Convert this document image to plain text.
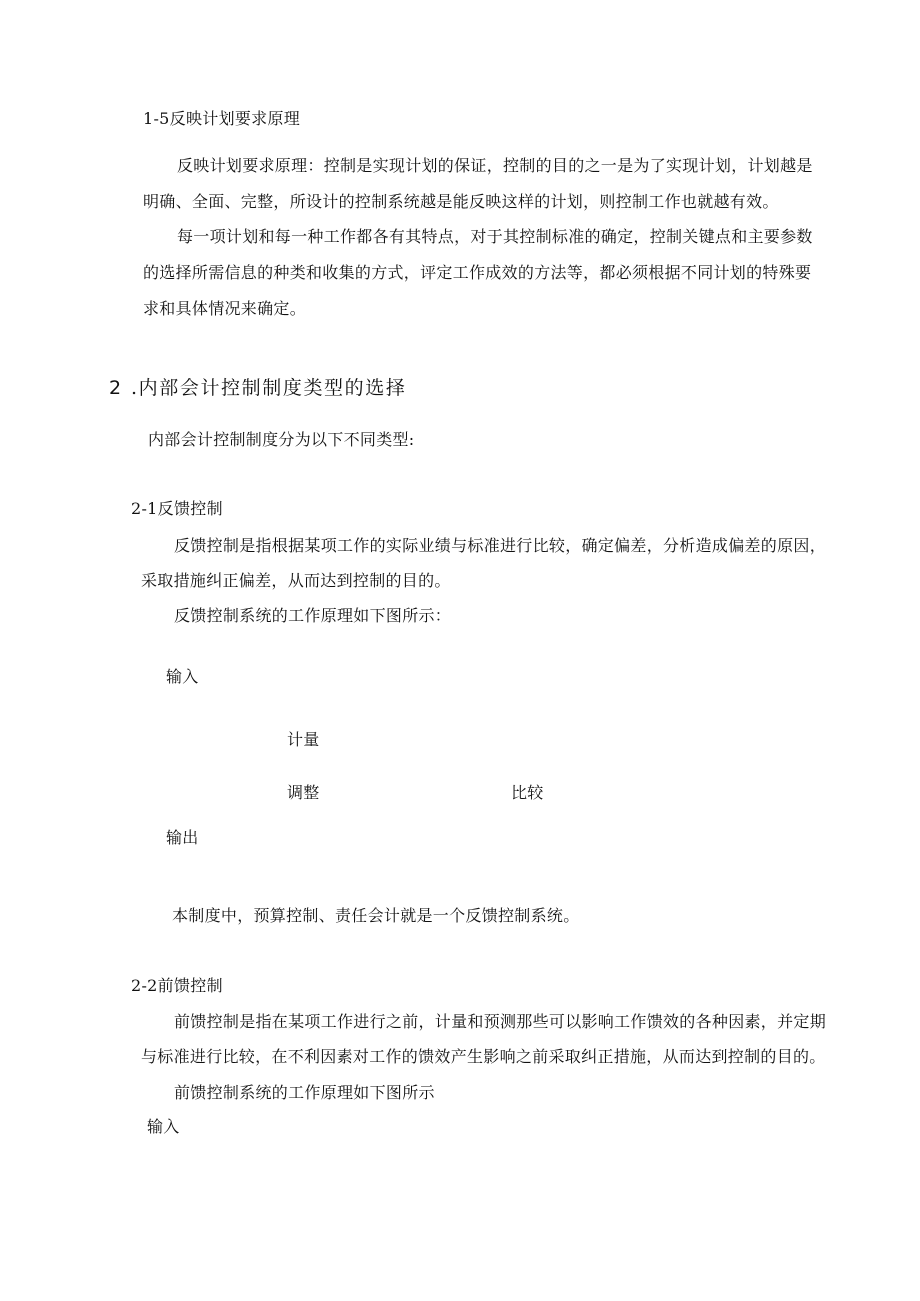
1-5反映计划要求原理
反映计划要求原理：控制是实现计划的保证，控制的目的之一是为了实现计划，计划越是
明确、全面、完整，所设计的控制系统越是能反映这样的计划，则控制工作也就越有效。
每一项计划和每一种工作都各有其特点，对于其控制标准的确定，控制关键点和主要参数
的选择所需信息的种类和收集的方式，评定工作成效的方法等，都必须根据不同计划的特殊要
求和具体情况来确定。
2 .内部会计控制制度类型的选择
内部会计控制制度分为以下不同类型:
2-1反馈控制
反馈控制是指根据某项工作的实际业绩与标准进行比较，确定偏差，分析造成偏差的原因，
采取措施纠正偏差，从而达到控制的目的。
反馈控制系统的工作原理如下图所示：
输入
计量
调整	比较
输出
本制度中，预算控制、责任会计就是一个反馈控制系统。
2-2前馈控制
前馈控制是指在某项工作进行之前，计量和预测那些可以影响工作馈效的各种因素，并定期
与标准进行比较，在不利因素对工作的馈效产生影响之前采取纠正措施，从而达到控制的目的。
前馈控制系统的工作原理如下图所示
输入
